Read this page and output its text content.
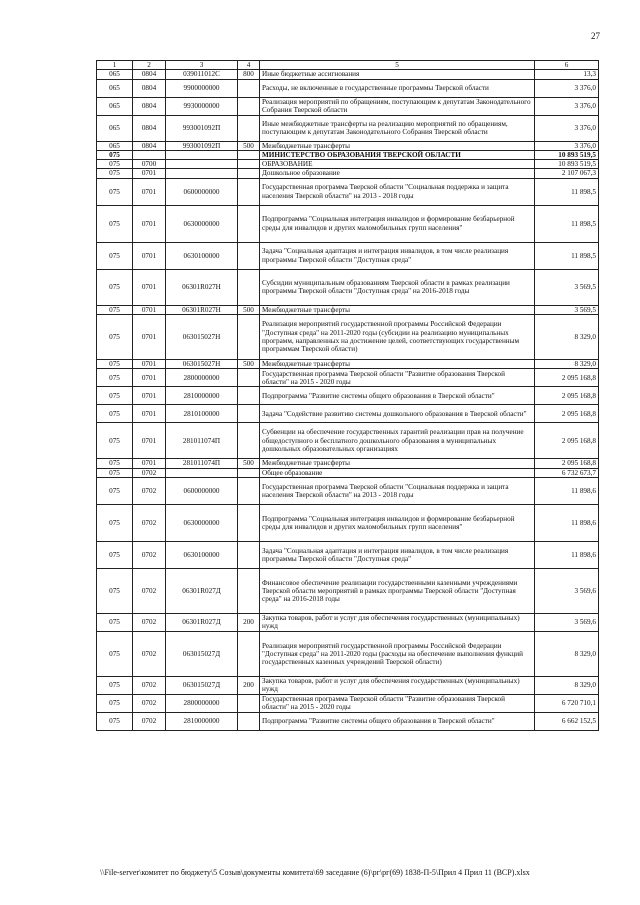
27
1	2	3	4	5	6
065	0804	039011012С	800	Иные бюджетные ассигнования	13,3
065	0804	9900000000		Расходы, не включенные в государственные программы Тверской области	3 376,0
065	0804	9930000000		Реализация мероприятий по обращениям, поступающим к депутатам Законодательного Собрания Тверской области	3 376,0
065	0804	993001092П		Иные межбюджетные трансферты на реализацию мероприятий по обращениям, поступающим к депутатам Законодательного Собрания Тверской области	3 376,0
065	0804	993001092П	500	Межбюджетные трансферты	3 376,0
075				МИНИСТЕРСТВО ОБРАЗОВАНИЯ ТВЕРСКОЙ ОБЛАСТИ	10 893 519,5
075	0700			ОБРАЗОВАНИЕ	10 893 519,5
075	0701			Дошкольное образование	2 107 067,3
075	0701	0600000000		Государственная программа Тверской области "Социальная поддержка и защита населения Тверской области" на 2013 - 2018 годы	11 898,5
075	0701	0630000000		Подпрограмма "Социальная интеграция инвалидов и формирование безбарьерной среды для инвалидов и других маломобильных групп населения"	11 898,5
075	0701	0630100000		Задача "Социальная адаптация и интеграция инвалидов, в том числе реализация программы Тверской области "Доступная среда"	11 898,5
075	0701	06301R027Н		Субсидии муниципальным образованиям Тверской области в рамках реализации программы Тверской области "Доступная среда" на 2016-2018 годы	3 569,5
075	0701	06301R027Н	500	Межбюджетные трансферты	3 569,5
075	0701	063015027Н		Реализация мероприятий государственной программы Российской Федерации "Доступная среда" на 2011-2020 годы (субсидии на реализацию муниципальных программ, направленных на достижение целей, соответствующих государственным программам Тверской области)	8 329,0
075	0701	063015027Н	500	Межбюджетные трансферты	8 329,0
075	0701	2800000000		Государственная программа Тверской области "Развитие образования Тверской области" на 2015 - 2020 годы	2 095 168,8
075	0701	2810000000		Подпрограмма "Развитие системы общего образования в Тверской области"	2 095 168,8
075	0701	2810100000		Задача "Содействие развитию системы дошкольного образования в Тверской области"	2 095 168,8
075	0701	281011074П		Субвенции на обеспечение государственных гарантий реализации прав на получение общедоступного и бесплатного дошкольного образования в муниципальных дошкольных образовательных организациях	2 095 168,8
075	0701	281011074П	500	Межбюджетные трансферты	2 095 168,8
075	0702			Общее образование	6 732 673,7
075	0702	0600000000		Государственная программа Тверской области "Социальная поддержка и защита населения Тверской области" на 2013 - 2018 годы	11 898,6
075	0702	0630000000		Подпрограмма "Социальная интеграция инвалидов и формирование безбарьерной среды для инвалидов и других маломобильных групп населения"	11 898,6
075	0702	0630100000		Задача "Социальная адаптация и интеграция инвалидов, в том числе реализация программы Тверской области "Доступная среда"	11 898,6
075	0702	06301R027Д		Финансовое обеспечение реализации государственными казенными учреждениями Тверской области мероприятий в рамках программы Тверской области "Доступная среда" на 2016-2018 годы	3 569,6
075	0702	06301R027Д	200	Закупка товаров, работ и услуг для обеспечения государственных (муниципальных) нужд	3 569,6
075	0702	063015027Д		Реализация мероприятий государственной программы Российской Федерации "Доступная среда" на 2011-2020 годы (расходы на обеспечение выполнения функций государственных казенных учреждений Тверской области)	8 329,0
075	0702	063015027Д	200	Закупка товаров, работ и услуг для обеспечения государственных (муниципальных) нужд	8 329,0
075	0702	2800000000		Государственная программа Тверской области "Развитие образования Тверской области" на 2015 - 2020 годы	6 720 710,1
075	0702	2810000000		Подпрограмма "Развитие системы общего образования в Тверской области"	6 662 152,5
\\File-server\комитет по бюджету\5 Созыв\документы комитета\69 заседание (6)\рг\рг(69) 1838-П-5\Прил 4 Прил 11 (ВСР).xlsx
